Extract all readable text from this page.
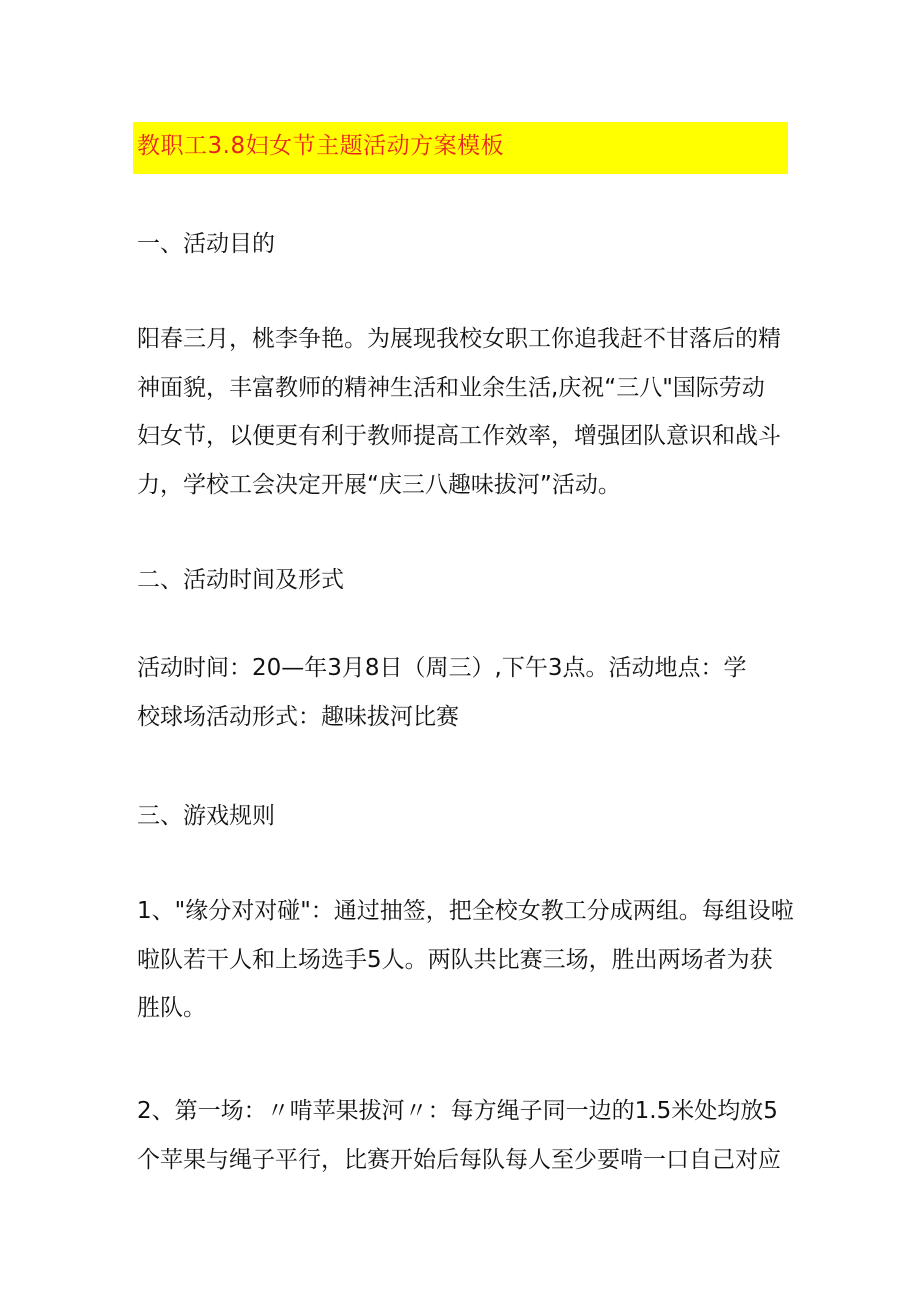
教职工3.8妇女节主题活动方案模板
一、活动目的
阳春三月，桃李争艳。为展现我校女职工你追我赶不甘落后的精
神面貌，丰富教师的精神生活和业余生活,庆祝“三八"国际劳动
妇女节，以便更有利于教师提高工作效率，增强团队意识和战斗
力，学校工会决定开展“庆三八趣味拔河”活动。
二、活动时间及形式
活动时间：20—年3月8日（周三）,下午3点。活动地点：学
校球场活动形式：趣味拔河比赛
三、游戏规则
1、"缘分对对碰"：通过抽签，把全校女教工分成两组。每组设啦
啦队若干人和上场选手5人。两队共比赛三场，胜出两场者为获
胜队。
2、第一场：〃啃苹果拔河〃：每方绳子同一边的1.5米处均放5
个苹果与绳子平行，比赛开始后每队每人至少要啃一口自己对应
